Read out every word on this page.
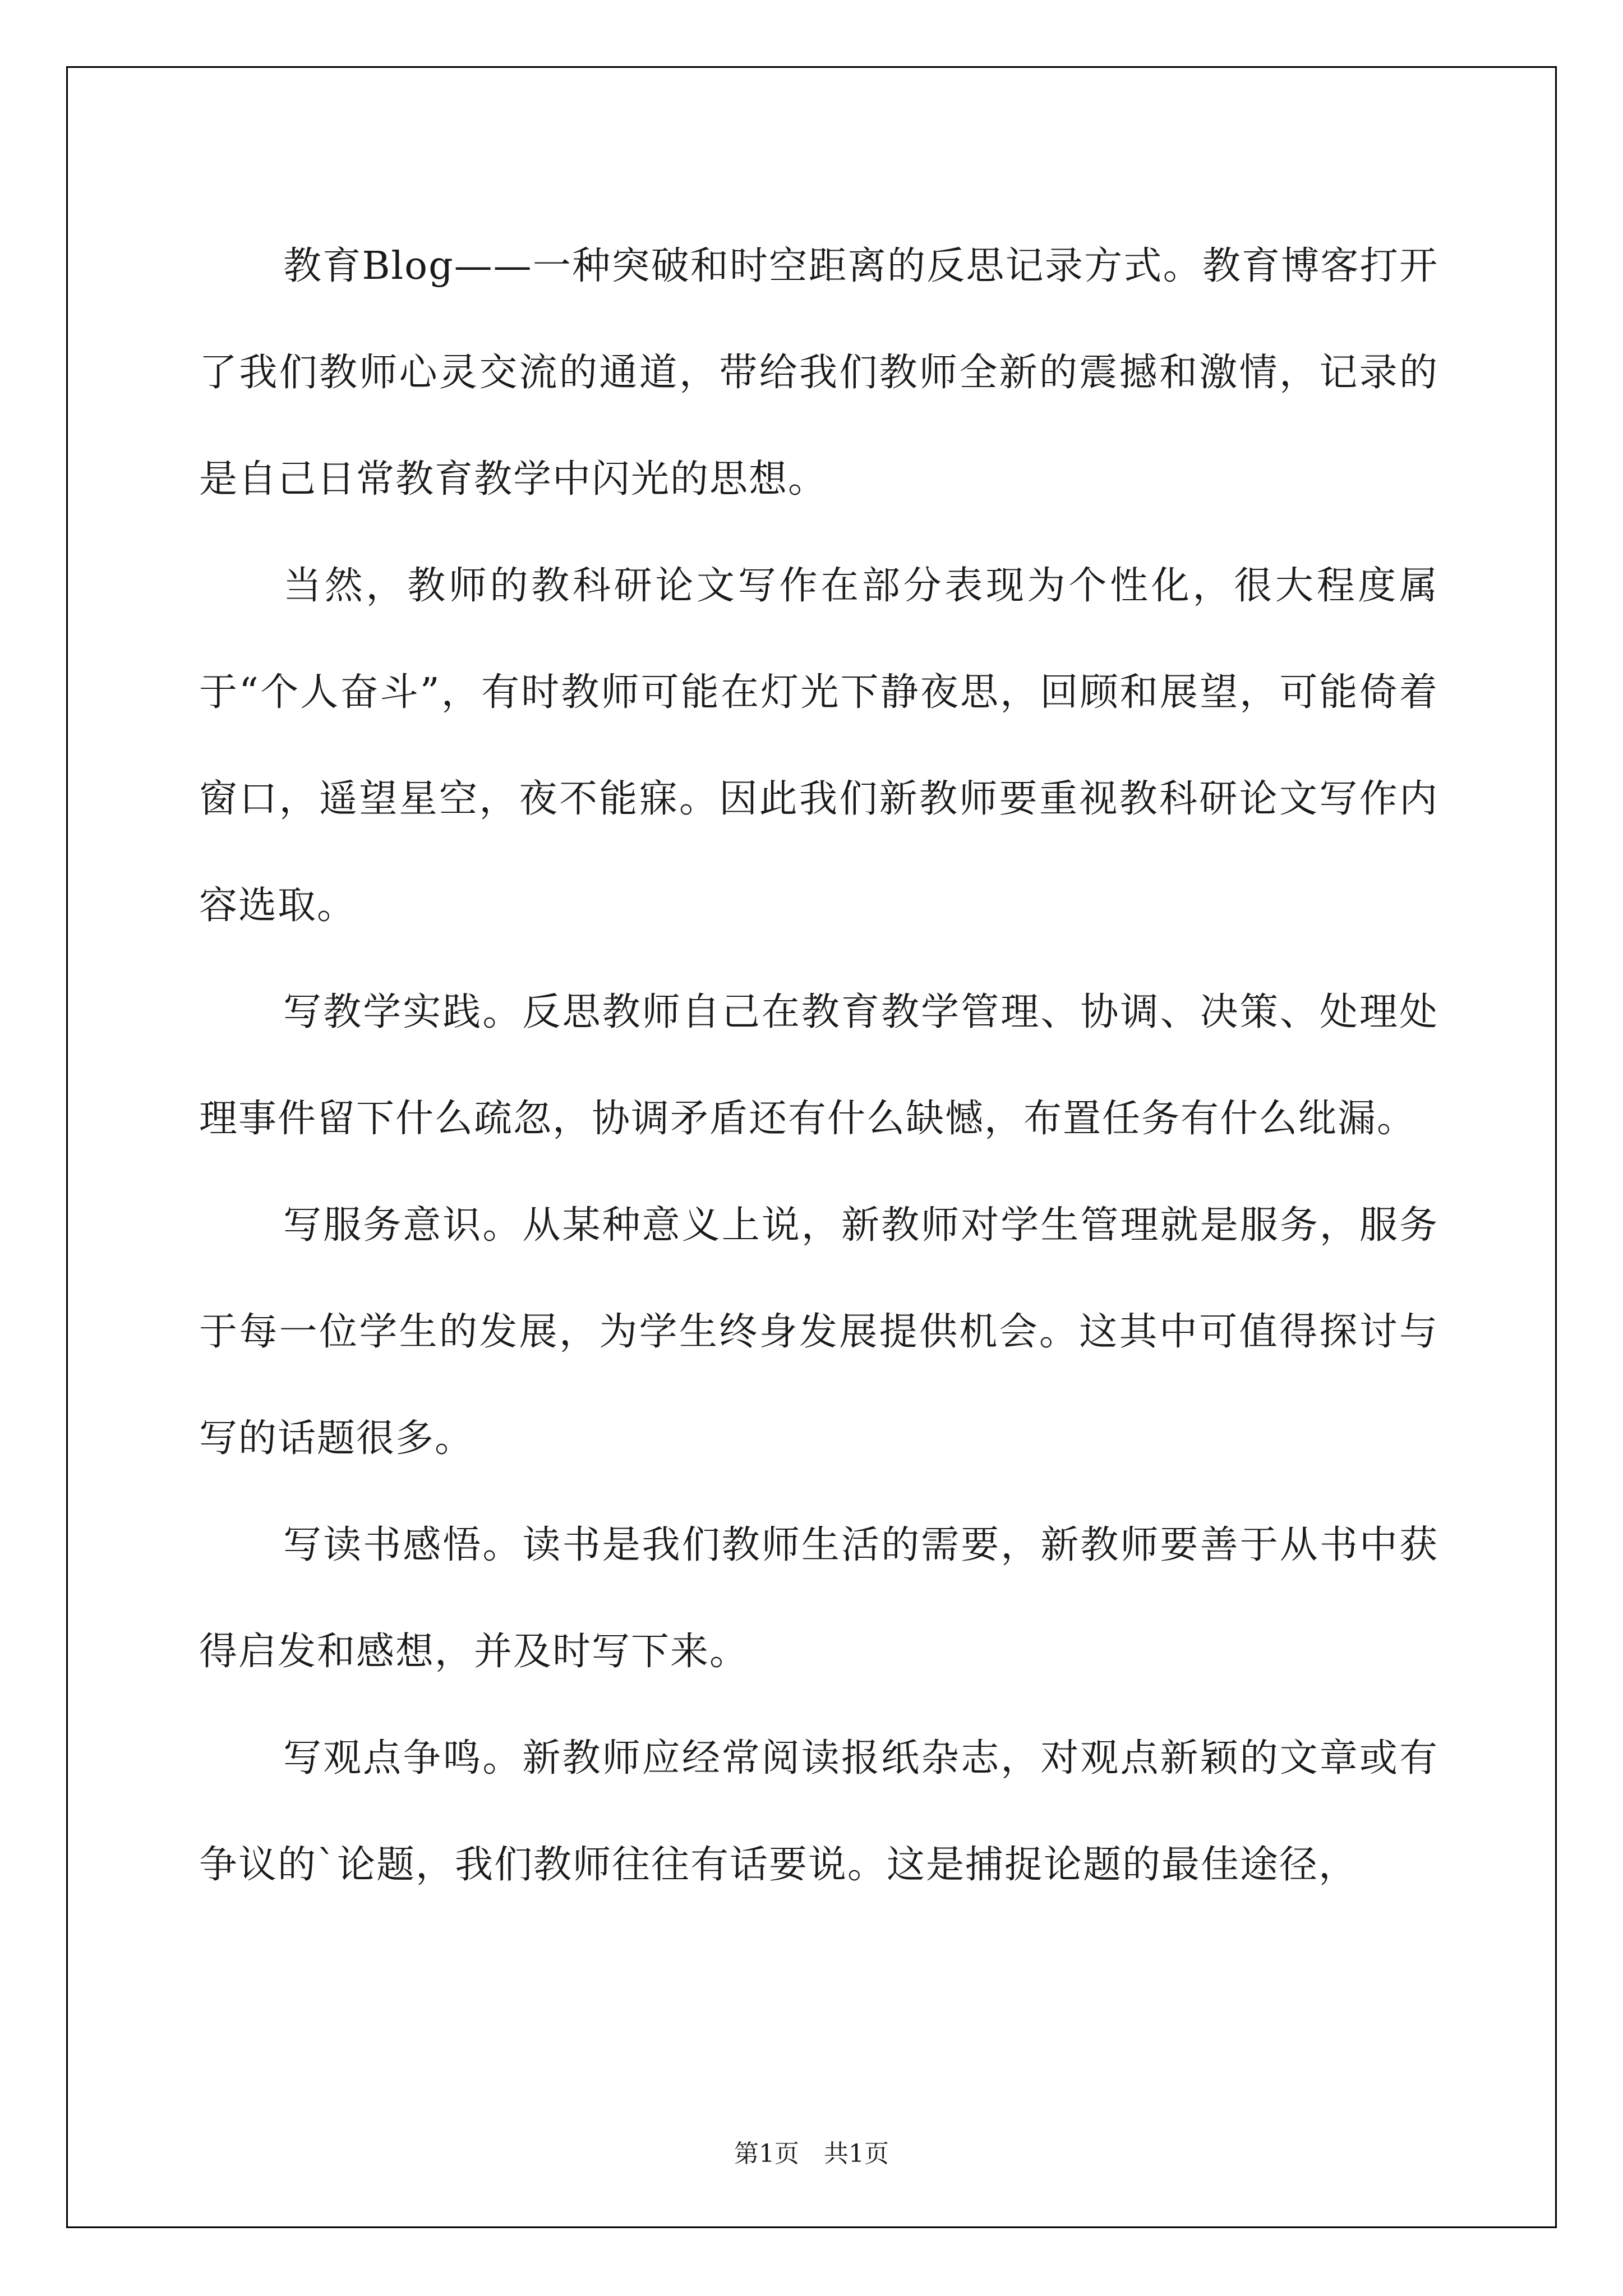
教育Blog——一种突破和时空距离的反思记录方式。教育博客打开了我们教师心灵交流的通道，带给我们教师全新的震撼和激情，记录的是自己日常教育教学中闪光的思想。

当然，教师的教科研论文写作在部分表现为个性化，很大程度属于“个人奋斗”，有时教师可能在灯光下静夜思，回顾和展望，可能倚着窗口，遥望星空，夜不能寐。因此我们新教师要重视教科研论文写作内容选取。

写教学实践。反思教师自己在教育教学管理、协调、决策、处理处理事件留下什么疏忽，协调矛盾还有什么缺憾，布置任务有什么纰漏。

写服务意识。从某种意义上说，新教师对学生管理就是服务，服务于每一位学生的发展，为学生终身发展提供机会。这其中可值得探讨与写的话题很多。

写读书感悟。读书是我们教师生活的需要，新教师要善于从书中获得启发和感想，并及时写下来。

写观点争鸣。新教师应经常阅读报纸杂志，对观点新颖的文章或有争议的`论题，我们教师往往有话要说。这是捕捉论题的最佳途径，

第1页　共1页
